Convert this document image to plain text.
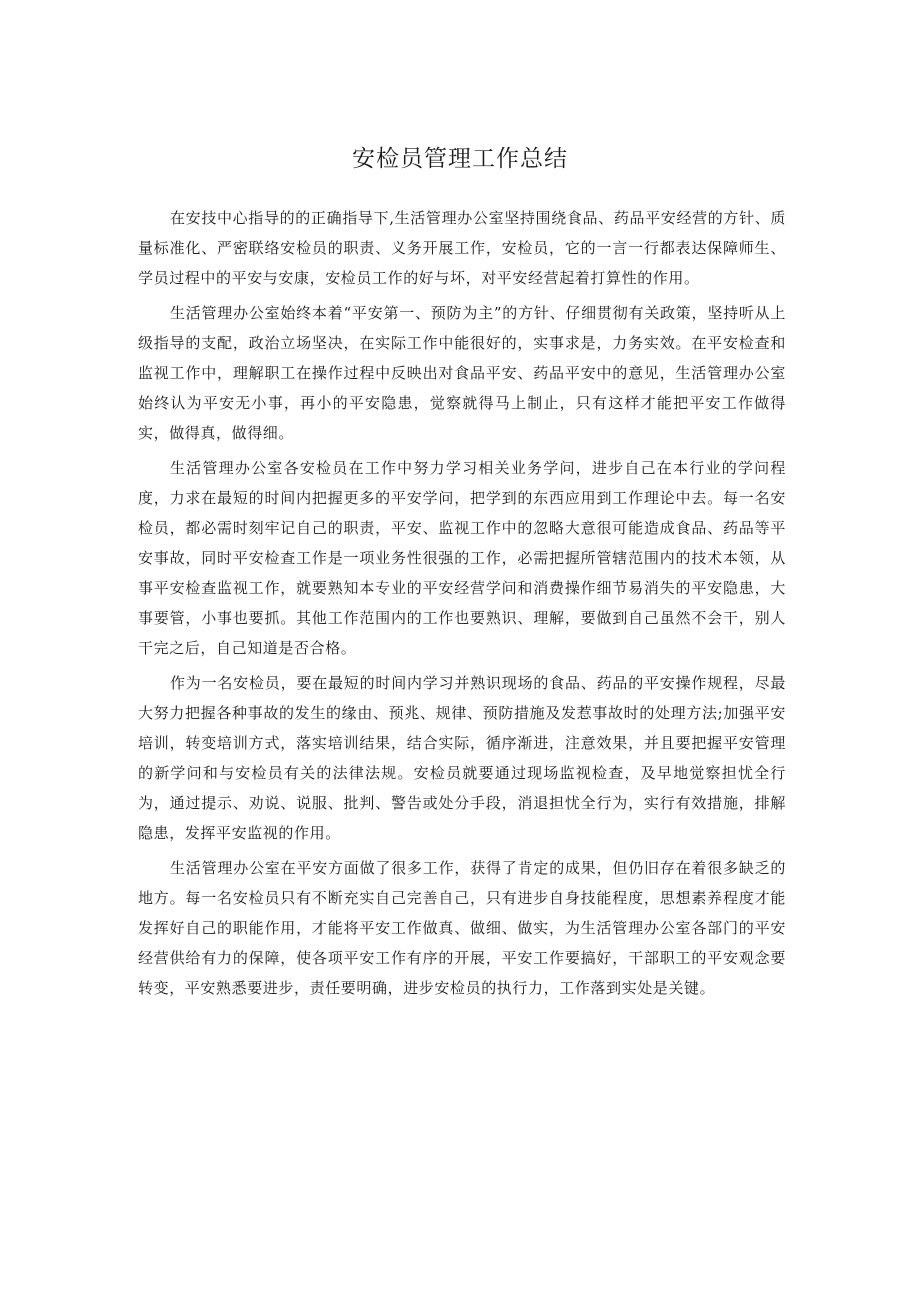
安检员管理工作总结

在安技中心指导的的正确指导下,生活管理办公室坚持围绕食品、药品平安经营的方针、质量标准化、严密联络安检员的职责、义务开展工作，安检员，它的一言一行都表达保障师生、学员过程中的平安与安康，安检员工作的好与坏，对平安经营起着打算性的作用。

生活管理办公室始终本着“平安第一、预防为主”的方针、仔细贯彻有关政策，坚持听从上级指导的支配，政治立场坚决，在实际工作中能很好的，实事求是，力务实效。在平安检查和监视工作中，理解职工在操作过程中反映出对食品平安、药品平安中的意见，生活管理办公室始终认为平安无小事，再小的平安隐患，觉察就得马上制止，只有这样才能把平安工作做得实，做得真，做得细。

生活管理办公室各安检员在工作中努力学习相关业务学问，进步自己在本行业的学问程度，力求在最短的时间内把握更多的平安学问，把学到的东西应用到工作理论中去。每一名安检员，都必需时刻牢记自己的职责，平安、监视工作中的忽略大意很可能造成食品、药品等平安事故，同时平安检查工作是一项业务性很强的工作，必需把握所管辖范围内的技术本领，从事平安检查监视工作，就要熟知本专业的平安经营学问和消费操作细节易消失的平安隐患，大事要管，小事也要抓。其他工作范围内的工作也要熟识、理解，要做到自己虽然不会干，别人干完之后，自己知道是否合格。

作为一名安检员，要在最短的时间内学习并熟识现场的食品、药品的平安操作规程，尽最大努力把握各种事故的发生的缘由、预兆、规律、预防措施及发惹事故时的处理方法;加强平安培训，转变培训方式，落实培训结果，结合实际，循序渐进，注意效果，并且要把握平安管理的新学问和与安检员有关的法律法规。安检员就要通过现场监视检查，及早地觉察担忧全行为，通过提示、劝说、说服、批判、警告或处分手段，消退担忧全行为，实行有效措施，排解隐患，发挥平安监视的作用。

生活管理办公室在平安方面做了很多工作，获得了肯定的成果，但仍旧存在着很多缺乏的地方。每一名安检员只有不断充实自己完善自己，只有进步自身技能程度，思想素养程度才能发挥好自己的职能作用，才能将平安工作做真、做细、做实，为生活管理办公室各部门的平安经营供给有力的保障，使各项平安工作有序的开展，平安工作要搞好，干部职工的平安观念要转变，平安熟悉要进步，责任要明确，进步安检员的执行力，工作落到实处是关键。
